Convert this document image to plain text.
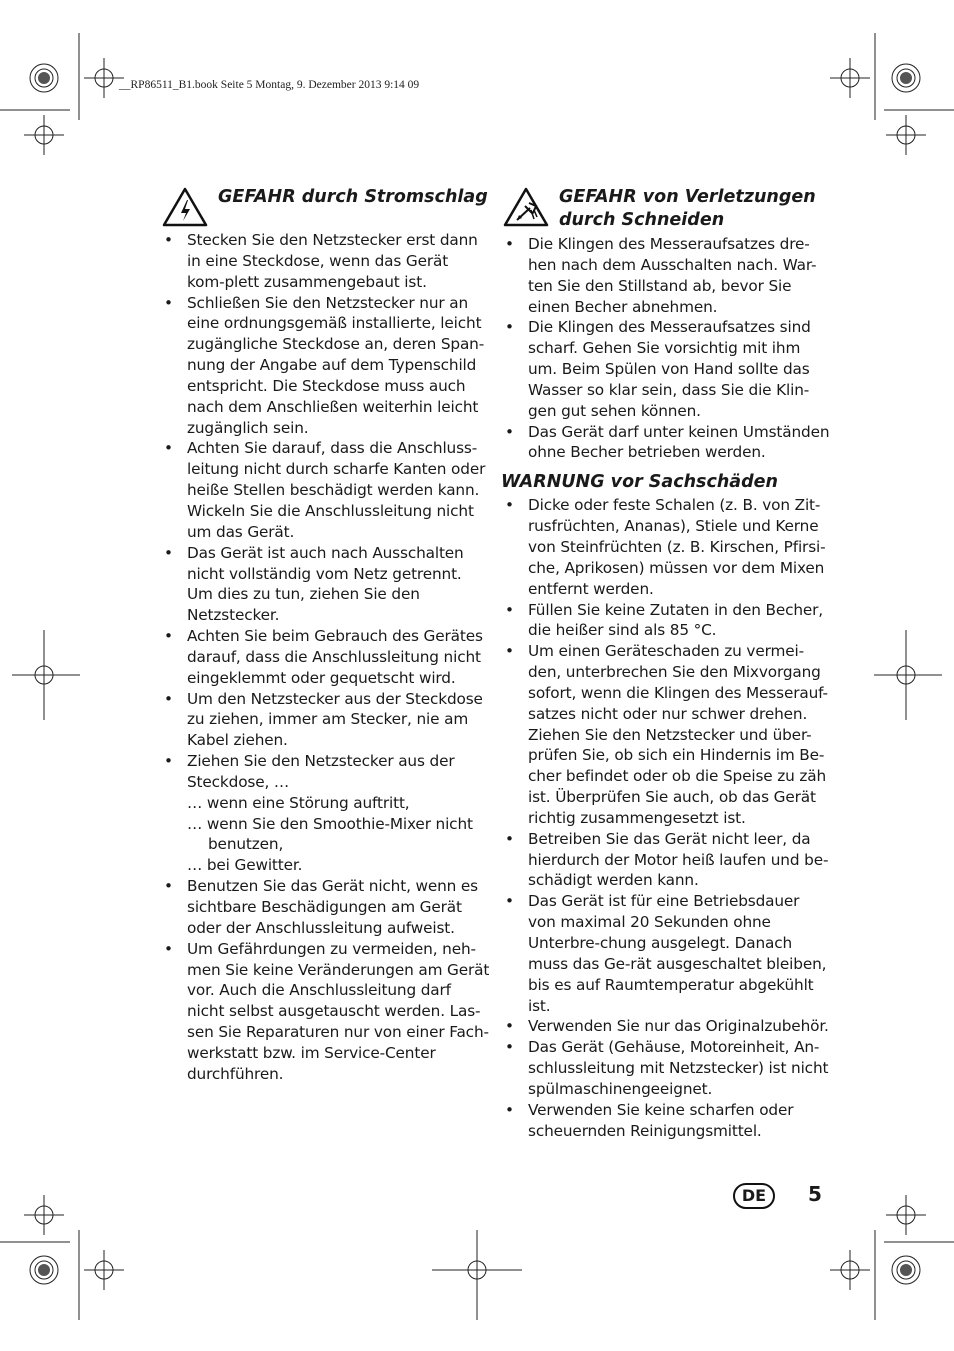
__RP86511_B1.book Seite 5 Montag, 9. Dezember 2013 9:14 09
GEFAHR durch Stromschlag
• Stecken Sie den Netzstecker erst dann in eine Steckdose, wenn das Gerät kom-plett zusammengebaut ist.
• Schließen Sie den Netzstecker nur an eine ordnungsgemäß installierte, leicht zugängliche Steckdose an, deren Span-nung der Angabe auf dem Typenschild entspricht. Die Steckdose muss auch nach dem Anschließen weiterhin leicht zugänglich sein.
• Achten Sie darauf, dass die Anschluss-leitung nicht durch scharfe Kanten oder heiße Stellen beschädigt werden kann. Wickeln Sie die Anschlussleitung nicht um das Gerät.
• Das Gerät ist auch nach Ausschalten nicht vollständig vom Netz getrennt. Um dies zu tun, ziehen Sie den Netzstecker.
• Achten Sie beim Gebrauch des Gerätes darauf, dass die Anschlussleitung nicht eingeklemmt oder gequetscht wird.
• Um den Netzstecker aus der Steckdose zu ziehen, immer am Stecker, nie am Kabel ziehen.
• Ziehen Sie den Netzstecker aus der Steckdose, …
… wenn eine Störung auftritt,
… wenn Sie den Smoothie-Mixer nicht benutzen,
… bei Gewitter.
• Benutzen Sie das Gerät nicht, wenn es sichtbare Beschädigungen am Gerät oder der Anschlussleitung aufweist.
• Um Gefährdungen zu vermeiden, neh-men Sie keine Veränderungen am Gerät vor. Auch die Anschlussleitung darf nicht selbst ausgetauscht werden. Las-sen Sie Reparaturen nur von einer Fach-werkstatt bzw. im Service-Center durchführen.
GEFAHR von Verletzungen durch Schneiden
• Die Klingen des Messeraufsatzes dre-hen nach dem Ausschalten nach. War-ten Sie den Stillstand ab, bevor Sie einen Becher abnehmen.
• Die Klingen des Messeraufsatzes sind scharf. Gehen Sie vorsichtig mit ihm um. Beim Spülen von Hand sollte das Wasser so klar sein, dass Sie die Klin-gen gut sehen können.
• Das Gerät darf unter keinen Umständen ohne Becher betrieben werden.
WARNUNG vor Sachschäden
• Dicke oder feste Schalen (z. B. von Zit-rusfrüchten, Ananas), Stiele und Kerne von Steinfrüchten (z. B. Kirschen, Pfirsi-che, Aprikosen) müssen vor dem Mixen entfernt werden.
• Füllen Sie keine Zutaten in den Becher, die heißer sind als 85 °C.
• Um einen Geräteschaden zu vermei-den, unterbrechen Sie den Mixvorgang sofort, wenn die Klingen des Messerauf-satzes nicht oder nur schwer drehen. Ziehen Sie den Netzstecker und über-prüfen Sie, ob sich ein Hindernis im Be-cher befindet oder ob die Speise zu zäh ist. Überprüfen Sie auch, ob das Gerät richtig zusammengesetzt ist.
• Betreiben Sie das Gerät nicht leer, da hierdurch der Motor heiß laufen und be-schädigt werden kann.
• Das Gerät ist für eine Betriebsdauer von maximal 20 Sekunden ohne Unterbre-chung ausgelegt. Danach muss das Ge-rät ausgeschaltet bleiben, bis es auf Raumtemperatur abgekühlt ist.
• Verwenden Sie nur das Originalzubehör.
• Das Gerät (Gehäuse, Motoreinheit, An-schlussleitung mit Netzstecker) ist nicht spülmaschinengeeignet.
• Verwenden Sie keine scharfen oder scheuernden Reinigungsmittel.
DE	5
